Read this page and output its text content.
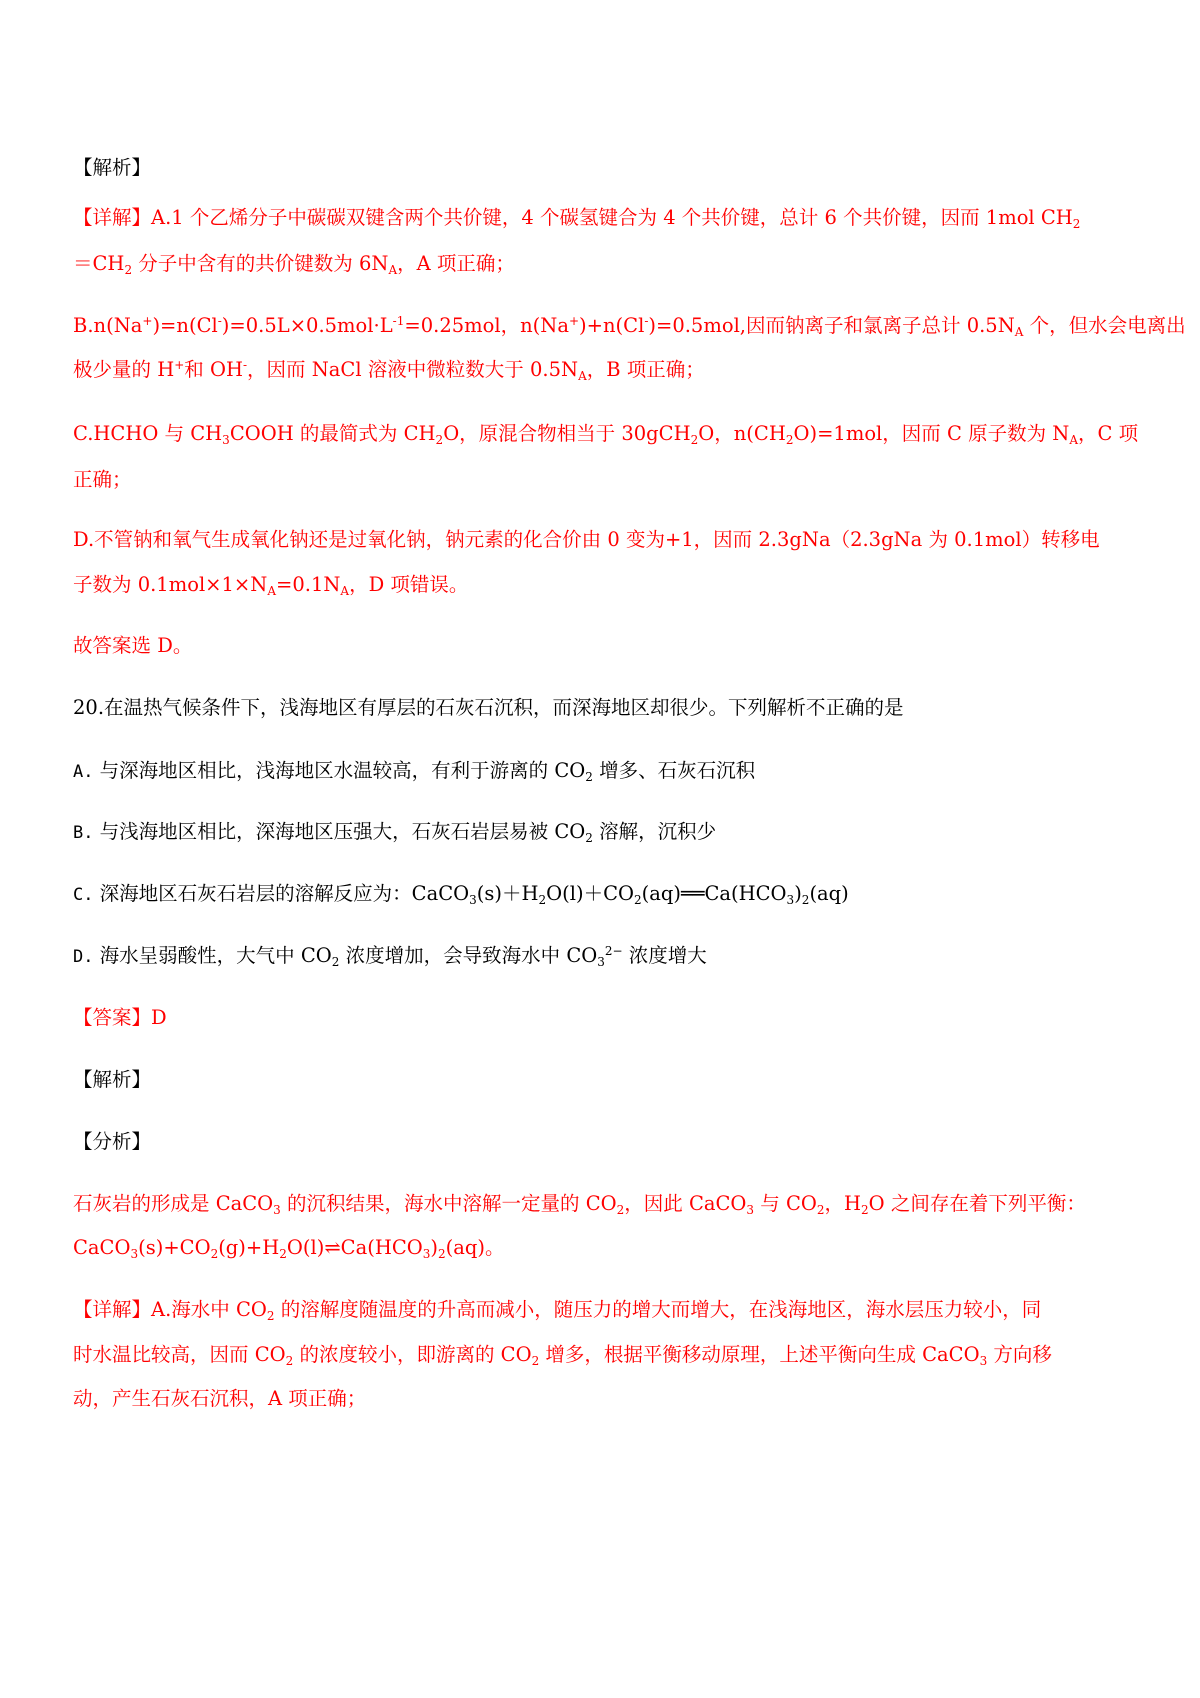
【解析】
【详解】A.1 个乙烯分子中碳碳双键含两个共价键，4 个碳氢键合为 4 个共价键，总计 6 个共价键，因而 1mol $CH_2$
$=CH_2$ 分子中含有的共价键数为 $6N_A$，A 项正确；
$B.n(Na^+)=n(Cl^-)=0.5L\times 0.5mol\cdot L^{-1}=0.25mol$，n(Na+)+n(Cl-)=0.5mol,因而钠离子和氯离子总计 $0.5N_A$ 个，但水会电离出
极少量的 H+和 OH-，因而 NaCl 溶液中微粒数大于 $0.5N_A$，B 项正确；
C.HCHO 与 $CH_3COOH$ 的最简式为 $CH_2O$，原混合物相当于 30gCH$_2$O，$n(CH_2O)=1mol$，因而 C 原子数为 $N_A$，C 项
正确；
D.不管钠和氧气生成氧化钠还是过氧化钠，钠元素的化合价由 0 变为+1，因而 2.3gNa（2.3gNa 为 0.1mol）转移电
子数为 $0.1mol\times 1\times N_A=0.1N_A$，D 项错误。
故答案选 D。
20.在温热气候条件下，浅海地区有厚层的石灰石沉积，而深海地区却很少。下列解析不正确的是
A. 与深海地区相比，浅海地区水温较高，有利于游离的 $CO_2$ 增多、石灰石沉积
B. 与浅海地区相比，深海地区压强大，石灰石岩层易被 $CO_2$ 溶解，沉积少
C. 深海地区石灰石岩层的溶解反应为：$CaCO_3(s)+H_2O(l)+CO_2(aq)══Ca(HCO_3)_2(aq)$
D. 海水呈弱酸性，大气中 $CO_2$ 浓度增加，会导致海水中 $CO_3^{2-}$ 浓度增大
【答案】D
【解析】
【分析】
石灰岩的形成是 CaCO$_3$ 的沉积结果，海水中溶解一定量的 $CO_2$，因此 CaCO$_3$ 与 $CO_2$，$H_2O$ 之间存在着下列平衡：
$CaCO_3(s)+CO_2(g)+H_2O(l)\rightleftharpoons Ca(HCO_3)_2(aq)$。
【详解】A.海水中 $CO_2$ 的溶解度随温度的升高而减小，随压力的增大而增大，在浅海地区，海水层压力较小，同
时水温比较高，因而 $CO_2$ 的浓度较小，即游离的 $CO_2$ 增多，根据平衡移动原理，上述平衡向生成 CaCO$_3$ 方向移
动，产生石灰石沉积，A 项正确；
